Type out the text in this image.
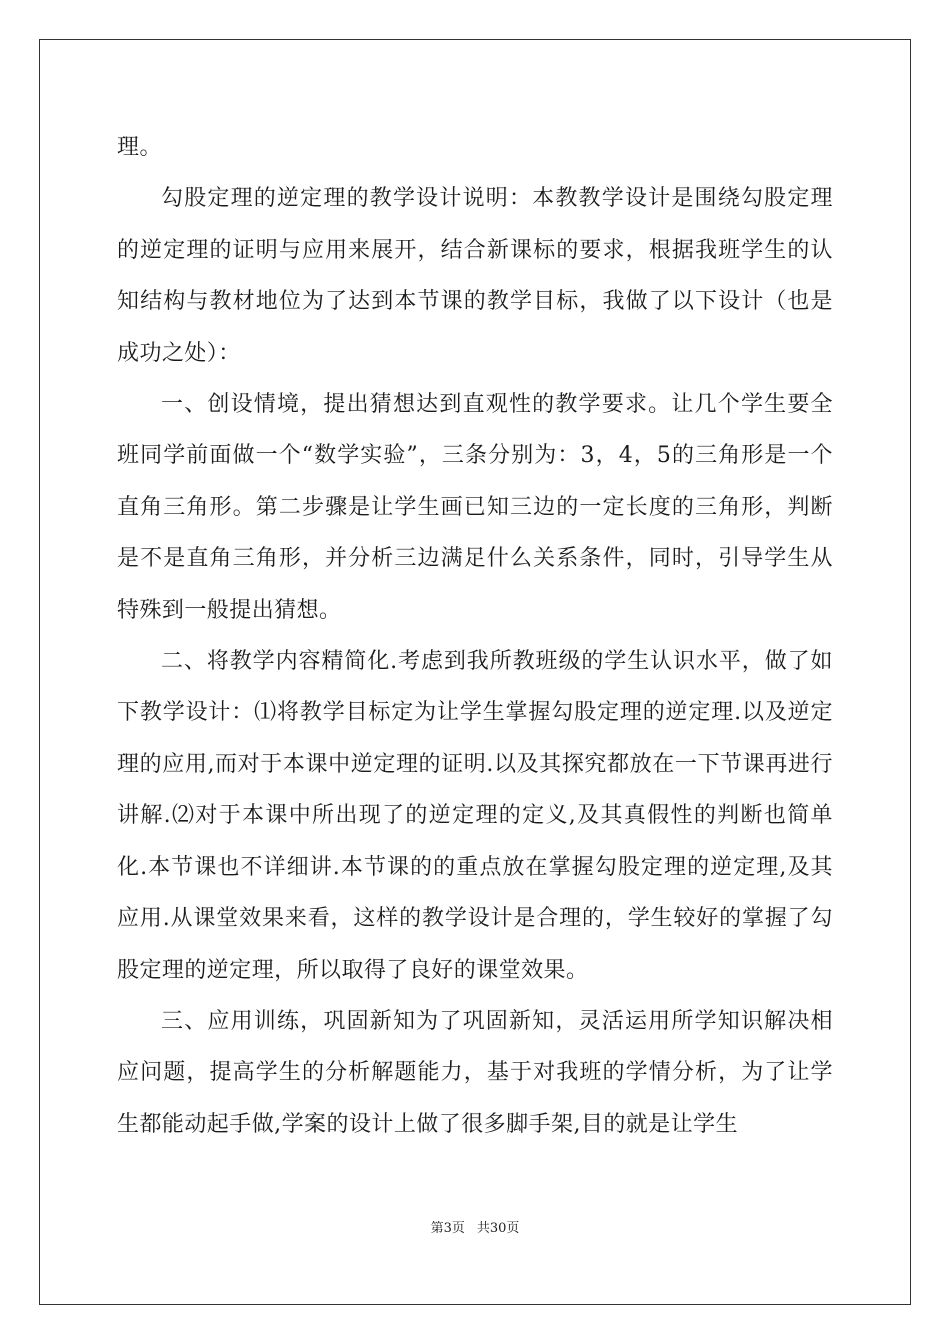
理。

勾股定理的逆定理的教学设计说明：本教教学设计是围绕勾股定理的逆定理的证明与应用来展开，结合新课标的要求，根据我班学生的认知结构与教材地位为了达到本节课的教学目标，我做了以下设计（也是成功之处）：

一、创设情境，提出猜想达到直观性的教学要求。让几个学生要全班同学前面做一个“数学实验”，三条分别为：3，4，5的三角形是一个直角三角形。第二步骤是让学生画已知三边的一定长度的三角形，判断是不是直角三角形，并分析三边满足什么关系条件，同时，引导学生从特殊到一般提出猜想。

二、将教学内容精简化.考虑到我所教班级的学生认识水平，做了如下教学设计：⑴将教学目标定为让学生掌握勾股定理的逆定理.以及逆定理的应用,而对于本课中逆定理的证明.以及其探究都放在一下节课再进行讲解.⑵对于本课中所出现了的逆定理的定义,及其真假性的判断也简单化.本节课也不详细讲.本节课的的重点放在掌握勾股定理的逆定理,及其应用.从课堂效果来看，这样的教学设计是合理的，学生较好的掌握了勾股定理的逆定理，所以取得了良好的课堂效果。

三、应用训练，巩固新知为了巩固新知，灵活运用所学知识解决相应问题，提高学生的分析解题能力，基于对我班的学情分析，为了让学生都能动起手做,学案的设计上做了很多脚手架,目的就是让学生

第3页 共30页
